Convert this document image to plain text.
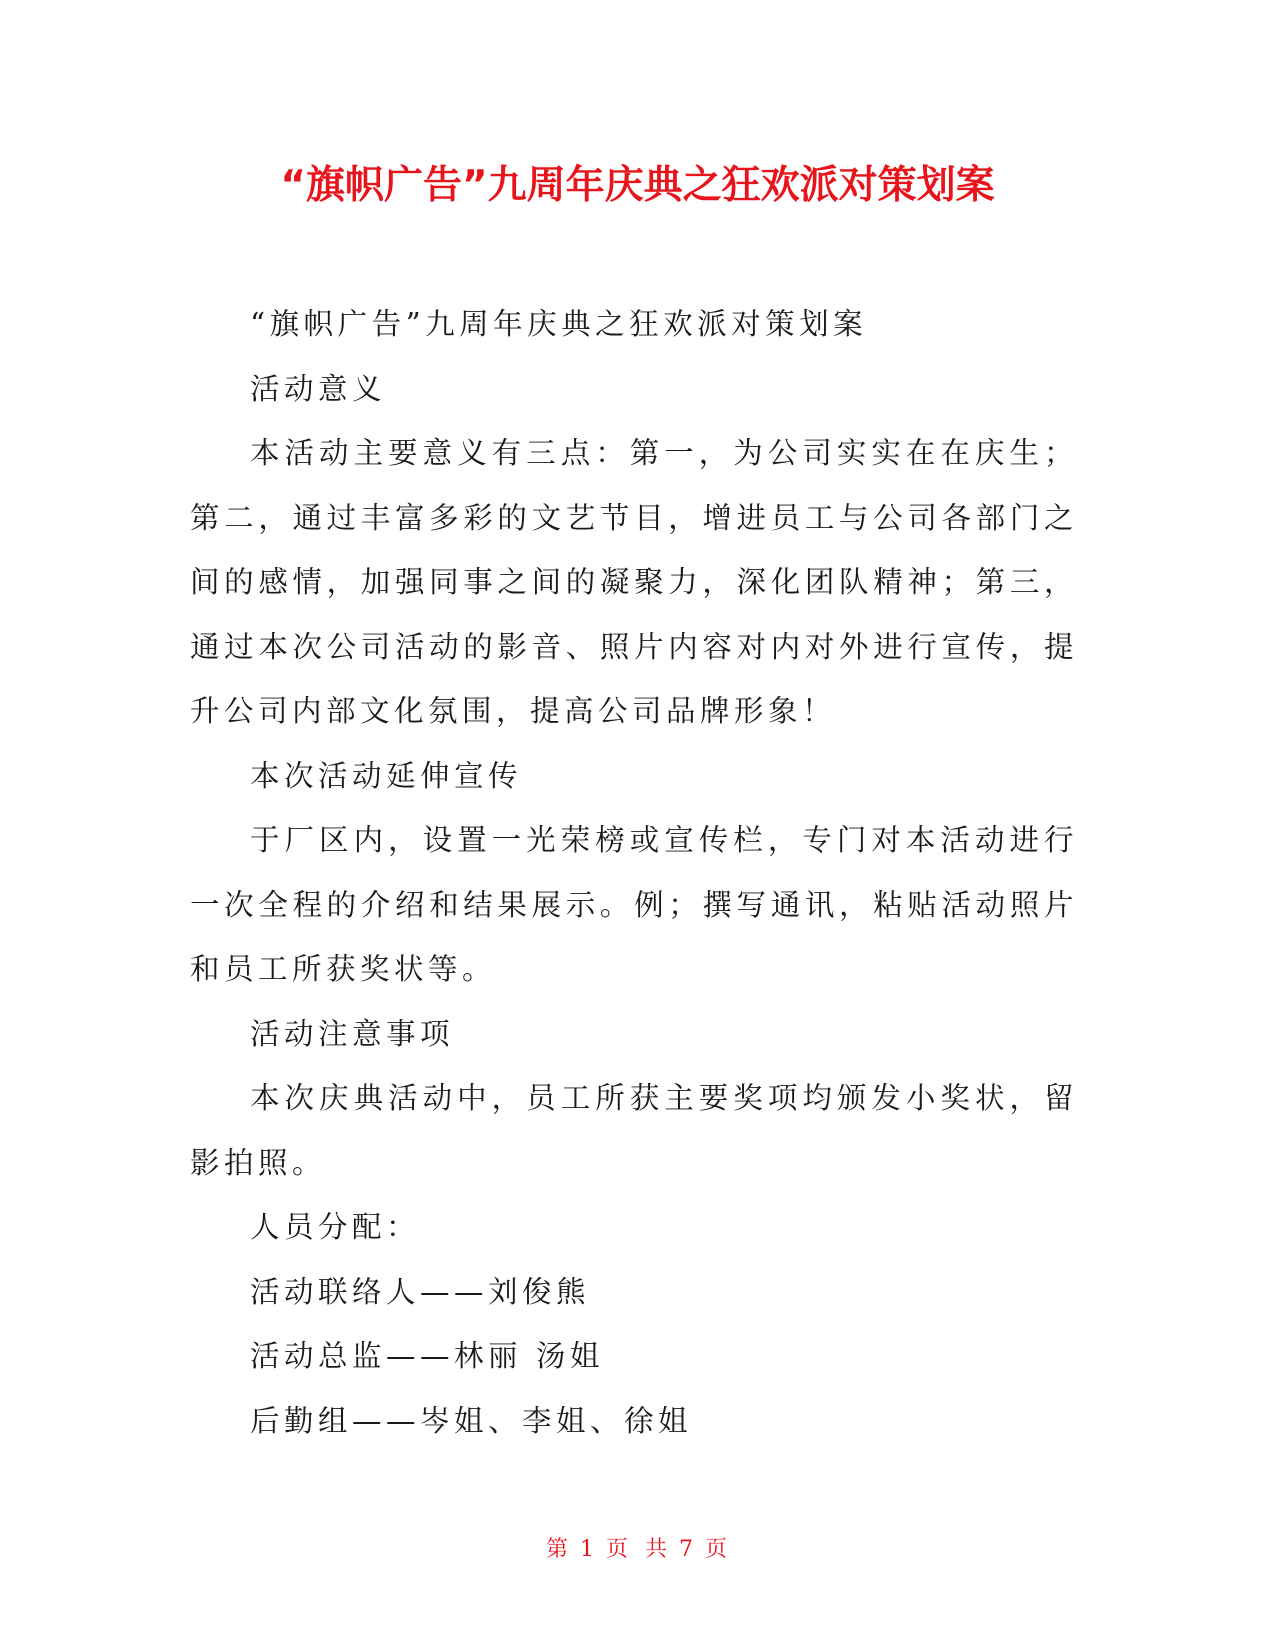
“旗帜广告”九周年庆典之狂欢派对策划案

“旗帜广告”九周年庆典之狂欢派对策划案

活动意义

本活动主要意义有三点：第一，为公司实实在在庆生；第二，通过丰富多彩的文艺节目，增进员工与公司各部门之间的感情，加强同事之间的凝聚力，深化团队精神；第三，通过本次公司活动的影音、照片内容对内对外进行宣传，提升公司内部文化氛围，提高公司品牌形象！

本次活动延伸宣传

于厂区内，设置一光荣榜或宣传栏，专门对本活动进行一次全程的介绍和结果展示。例；撰写通讯，粘贴活动照片和员工所获奖状等。

活动注意事项

本次庆典活动中，员工所获主要奖项均颁发小奖状，留影拍照。

人员分配：

活动联络人——刘俊熊

活动总监——林丽 汤姐

后勤组——岑姐、李姐、徐姐

第 1 页 共 7 页
